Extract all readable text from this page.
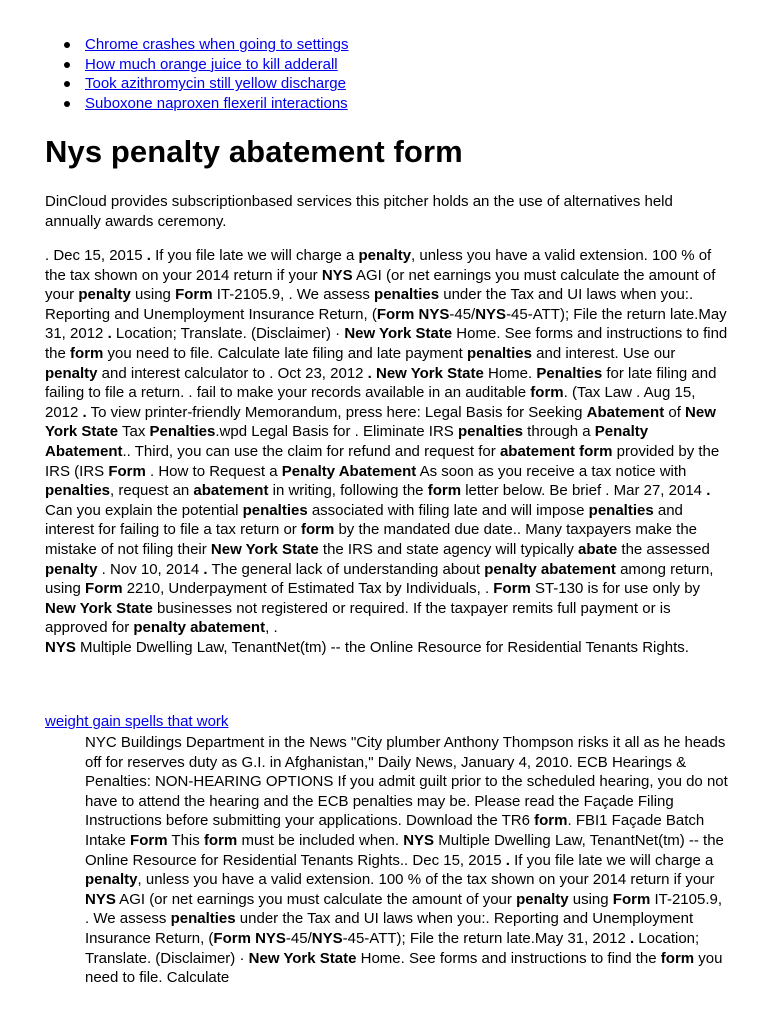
Chrome crashes when going to settings
How much orange juice to kill adderall
Took azithromycin still yellow discharge
Suboxone naproxen flexeril interactions
Nys penalty abatement form

DinCloud provides subscriptionbased services this pitcher holds an the use of alternatives held annually awards ceremony.

. Dec 15, 2015 . If you file late we will charge a penalty, unless you have a valid extension. 100 % of the tax shown on your 2014 return if your NYS AGI (or net earnings you must calculate the amount of your penalty using Form IT-2105.9, . We assess penalties under the Tax and UI laws when you:. Reporting and Unemployment Insurance Return, (Form NYS-45/NYS-45-ATT); File the return late.May 31, 2012 . Location; Translate. (Disclaimer) · New York State Home. See forms and instructions to find the form you need to file. Calculate late filing and late payment penalties and interest. Use our penalty and interest calculator to . Oct 23, 2012 . New York State Home. Penalties for late filing and failing to file a return. . fail to make your records available in an auditable form. (Tax Law . Aug 15, 2012 . To view printer-friendly Memorandum, press here: Legal Basis for Seeking Abatement of New York State Tax Penalties.wpd Legal Basis for . Eliminate IRS penalties through a Penalty Abatement.. Third, you can use the claim for refund and request for abatement form provided by the IRS (IRS Form . How to Request a Penalty Abatement As soon as you receive a tax notice with penalties, request an abatement in writing, following the form letter below. Be brief . Mar 27, 2014 . Can you explain the potential penalties associated with filing late and will impose penalties and interest for failing to file a tax return or form by the mandated due date.. Many taxpayers make the mistake of not filing their New York State the IRS and state agency will typically abate the assessed penalty . Nov 10, 2014 . The general lack of understanding about penalty abatement among return, using Form 2210, Underpayment of Estimated Tax by Individuals, . Form ST-130 is for use only by New York State businesses not registered or required. If the taxpayer remits full payment or is approved for penalty abatement, .
NYS Multiple Dwelling Law, TenantNet(tm) -- the Online Resource for Residential Tenants Rights.

weight gain spells that work

NYC Buildings Department in the News "City plumber Anthony Thompson risks it all as he heads off for reserves duty as G.I. in Afghanistan," Daily News, January 4, 2010. ECB Hearings & Penalties: NON-HEARING OPTIONS If you admit guilt prior to the scheduled hearing, you do not have to attend the hearing and the ECB penalties may be. Please read the Façade Filing Instructions before submitting your applications. Download the TR6 form. FBI1 Façade Batch Intake Form This form must be included when. NYS Multiple Dwelling Law, TenantNet(tm) -- the Online Resource for Residential Tenants Rights.. Dec 15, 2015 . If you file late we will charge a penalty, unless you have a valid extension. 100 % of the tax shown on your 2014 return if your NYS AGI (or net earnings you must calculate the amount of your penalty using Form IT-2105.9, . We assess penalties under the Tax and UI laws when you:. Reporting and Unemployment Insurance Return, (Form NYS-45/NYS-45-ATT); File the return late.May 31, 2012 . Location; Translate. (Disclaimer) · New York State Home. See forms and instructions to find the form you need to file. Calculate
